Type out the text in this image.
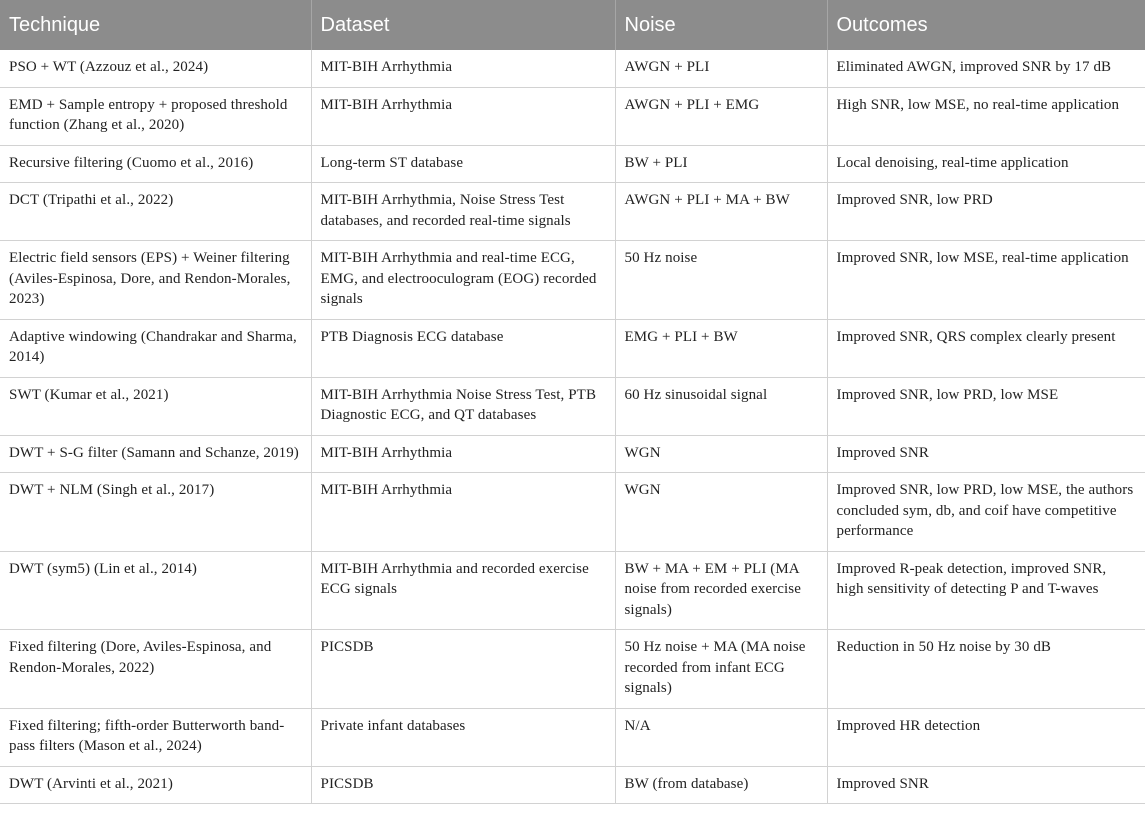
Technique	Dataset	Noise	Outcomes
PSO + WT (Azzouz et al., 2024)	MIT-BIH Arrhythmia	AWGN + PLI	Eliminated AWGN, improved SNR by 17 dB
EMD + Sample entropy + proposed threshold function (Zhang et al., 2020)	MIT-BIH Arrhythmia	AWGN + PLI + EMG	High SNR, low MSE, no real-time application
Recursive filtering (Cuomo et al., 2016)	Long-term ST database	BW + PLI	Local denoising, real-time application
DCT (Tripathi et al., 2022)	MIT-BIH Arrhythmia, Noise Stress Test databases, and recorded real-time signals	AWGN + PLI + MA + BW	Improved SNR, low PRD
Electric field sensors (EPS) + Weiner filtering (Aviles-Espinosa, Dore, and Rendon-Morales, 2023)	MIT-BIH Arrhythmia and real-time ECG, EMG, and electrooculogram (EOG) recorded signals	50 Hz noise	Improved SNR, low MSE, real-time application
Adaptive windowing (Chandrakar and Sharma, 2014)	PTB Diagnosis ECG database	EMG + PLI + BW	Improved SNR, QRS complex clearly present
SWT (Kumar et al., 2021)	MIT-BIH Arrhythmia Noise Stress Test, PTB Diagnostic ECG, and QT databases	60 Hz sinusoidal signal	Improved SNR, low PRD, low MSE
DWT + S-G filter (Samann and Schanze, 2019)	MIT-BIH Arrhythmia	WGN	Improved SNR
DWT + NLM (Singh et al., 2017)	MIT-BIH Arrhythmia	WGN	Improved SNR, low PRD, low MSE, the authors concluded sym, db, and coif have competitive performance
DWT (sym5) (Lin et al., 2014)	MIT-BIH Arrhythmia and recorded exercise ECG signals	BW + MA + EM + PLI (MA noise from recorded exercise signals)	Improved R-peak detection, improved SNR, high sensitivity of detecting P and T-waves
Fixed filtering (Dore, Aviles-Espinosa, and Rendon-Morales, 2022)	PICSDB	50 Hz noise + MA (MA noise recorded from infant ECG signals)	Reduction in 50 Hz noise by 30 dB
Fixed filtering; fifth-order Butterworth band-pass filters (Mason et al., 2024)	Private infant databases	N/A	Improved HR detection
DWT (Arvinti et al., 2021)	PICSDB	BW (from database)	Improved SNR
